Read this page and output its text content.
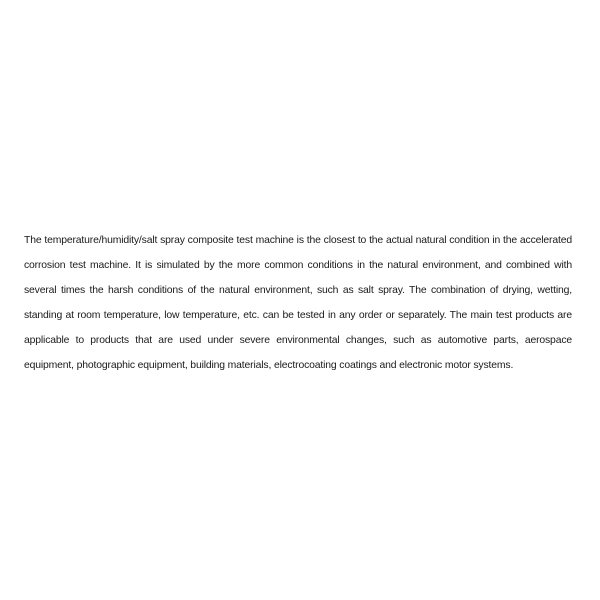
The temperature/humidity/salt spray composite test machine is the closest to the actual natural condition in the accelerated corrosion test machine. It is simulated by the more common conditions in the natural environment, and combined with several times the harsh conditions of the natural environment, such as salt spray. The combination of drying, wetting, standing at room temperature, low temperature, etc. can be tested in any order or separately. The main test products are applicable to products that are used under severe environmental changes, such as automotive parts, aerospace equipment, photographic equipment, building materials, electrocoating coatings and electronic motor systems.
